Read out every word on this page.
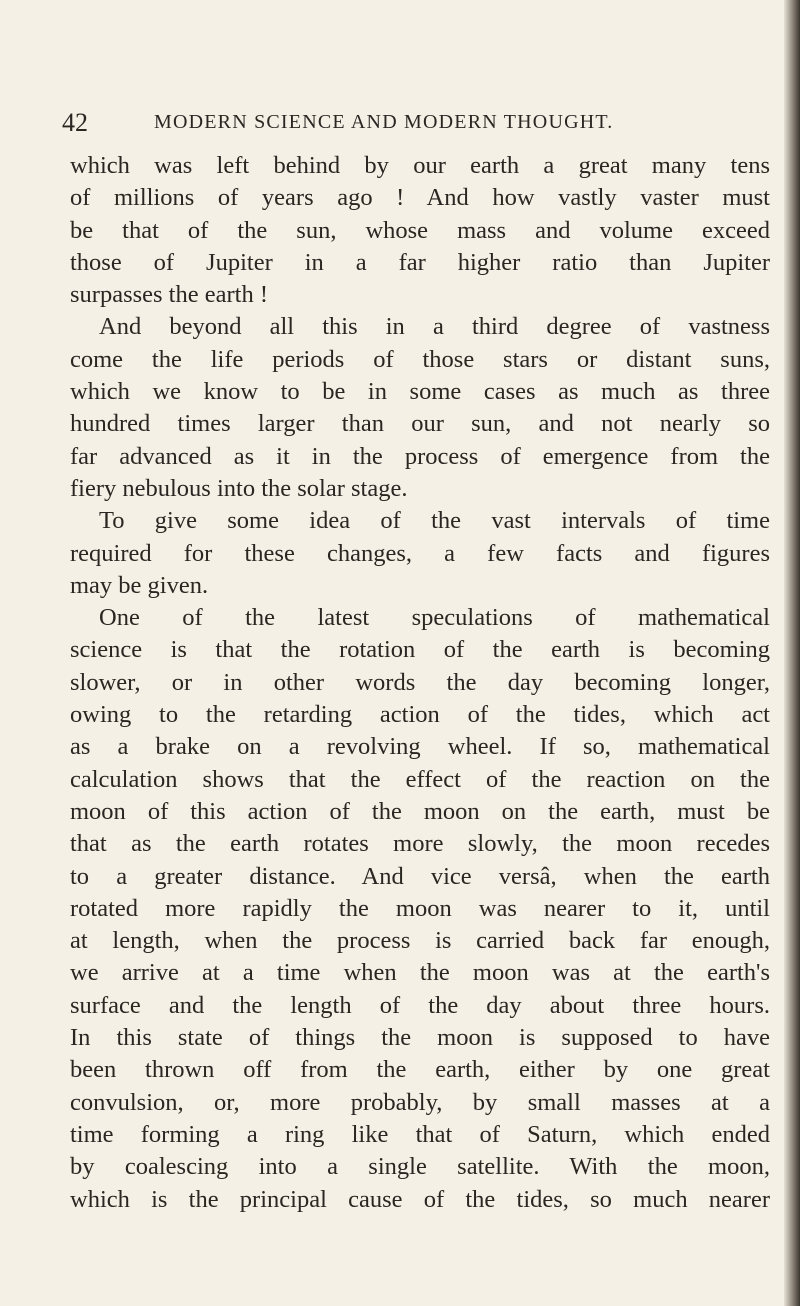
42	MODERN SCIENCE AND MODERN THOUGHT.
which was left behind by our earth a great many tens
of millions of years ago ! And how vastly vaster must
be that of the sun, whose mass and volume exceed
those of Jupiter in a far higher ratio than Jupiter
surpasses the earth !
And beyond all this in a third degree of vastness
come the life periods of those stars or distant suns,
which we know to be in some cases as much as three
hundred times larger than our sun, and not nearly so
far advanced as it in the process of emergence from the
fiery nebulous into the solar stage.
To give some idea of the vast intervals of time
required for these changes, a few facts and figures
may be given.
One of the latest speculations of mathematical
science is that the rotation of the earth is becoming
slower, or in other words the day becoming longer,
owing to the retarding action of the tides, which act
as a brake on a revolving wheel. If so, mathematical
calculation shows that the effect of the reaction on the
moon of this action of the moon on the earth, must be
that as the earth rotates more slowly, the moon recedes
to a greater distance. And vice versâ, when the earth
rotated more rapidly the moon was nearer to it, until
at length, when the process is carried back far enough,
we arrive at a time when the moon was at the earth's
surface and the length of the day about three hours.
In this state of things the moon is supposed to have
been thrown off from the earth, either by one great
convulsion, or, more probably, by small masses at a
time forming a ring like that of Saturn, which ended
by coalescing into a single satellite. With the moon,
which is the principal cause of the tides, so much nearer
